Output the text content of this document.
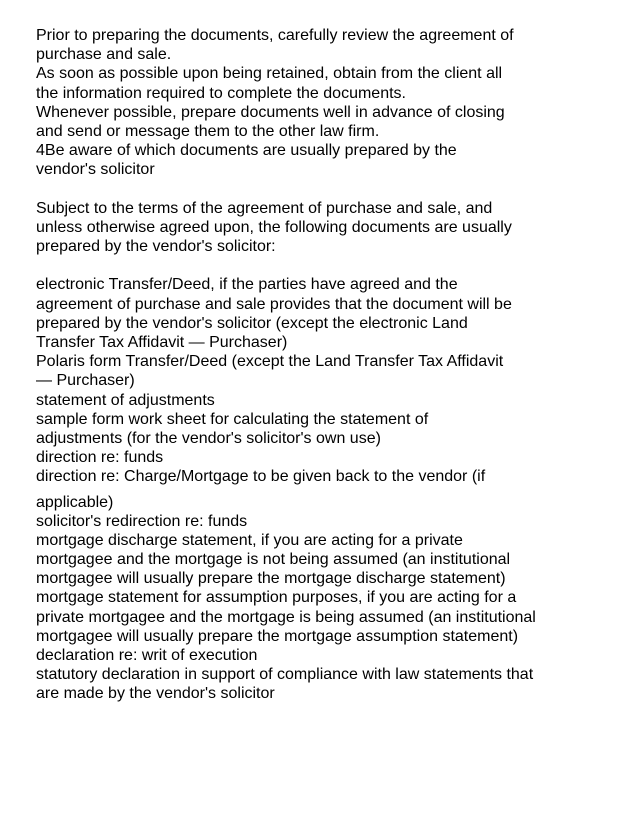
Prior to preparing the documents, carefully review the agreement of
purchase and sale.
As soon as possible upon being retained, obtain from the client all
the information required to complete the documents.
Whenever possible, prepare documents well in advance of closing
and send or message them to the other law firm.
4Be aware of which documents are usually prepared by the
vendor's solicitor
Subject to the terms of the agreement of purchase and sale, and
unless otherwise agreed upon, the following documents are usually
prepared by the vendor's solicitor:
electronic Transfer/Deed, if the parties have agreed and the
agreement of purchase and sale provides that the document will be
prepared by the vendor's solicitor (except the electronic Land
Transfer Tax Affidavit — Purchaser)
Polaris form Transfer/Deed (except the Land Transfer Tax Affidavit
— Purchaser)
statement of adjustments
sample form work sheet for calculating the statement of
adjustments (for the vendor's solicitor's own use)
direction re: funds
direction re: Charge/Mortgage to be given back to the vendor (if
applicable)
solicitor's redirection re: funds
mortgage discharge statement, if you are acting for a private
mortgagee and the mortgage is not being assumed (an institutional
mortgagee will usually prepare the mortgage discharge statement)
mortgage statement for assumption purposes, if you are acting for a
private mortgagee and the mortgage is being assumed (an institutional
mortgagee will usually prepare the mortgage assumption statement)
declaration re: writ of execution
statutory declaration in support of compliance with law statements that
are made by the vendor's solicitor
